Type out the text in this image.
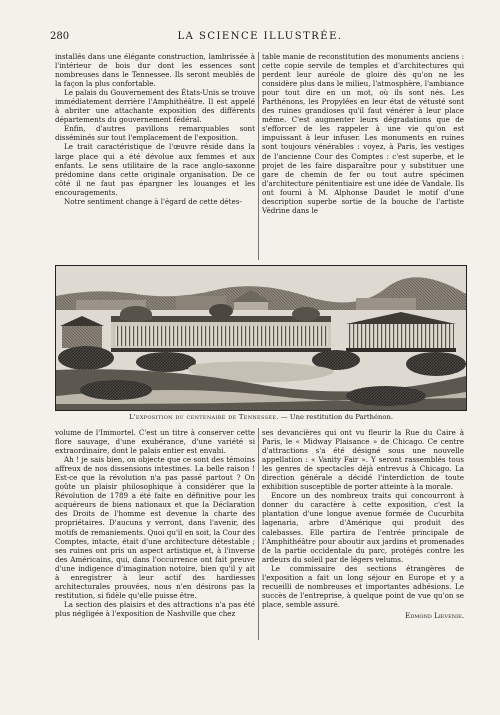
280	LA SCIENCE ILLUSTRÉE.

installés dans une élégante construction, lambrissée à l'intérieur de bois dur dont les essences sont nombreuses dans le Tennessee. Ils seront meublés de la façon la plus confortable.

Le palais du Gouvernement des États-Unis se trouve immédiatement derrière l'Amphithéâtre. Il est appelé à abriter une attachante exposition des différents départements du gouvernement fédéral.

Enfin, d'autres pavillons remarquables sont disséminés sur tout l'emplacement de l'exposition.

Le trait caractéristique de l'œuvre réside dans la large place qui a été dévolue aux femmes et aux enfants. Le sens utilitaire de la race anglo-saxonne prédomine dans cette originale organisation. De ce côté il ne faut pas épargner les louanges et les encouragements.

Notre sentiment change à l'égard de cette détes-

table manie de reconstitution des monuments anciens : cette copie servile de temples et d'architectures qui perdent leur auréole de gloire dès qu'on ne les considère plus dans le milieu, l'atmosphère, l'ambiance pour tout dire en un mot, où ils sont nés. Les Parthénons, les Propylées en leur état de vétusté sont des ruines grandioses qu'il faut vénérer à leur place même. C'est augmenter leurs dégradations que de s'efforcer de les rappeler à une vie qu'on est impuissant à leur infuser. Les monuments en ruines sont toujours vénérables : voyez, à Paris, les vestiges de l'ancienne Cour des Comptes : c'est superbe, et le projet de les faire disparaître pour y substituer une gare de chemin de fer ou tout autre spécimen d'architecture pénitentiaire est une idée de Vandale. Ils ont fourni à M. Alphonse Daudet le motif d'une description superbe sortie de la bouche de l'artiste Védrine dans le

L'exposition du centenaire de Tennessee. — Une restitution du Parthénon.

volume de l'Immortel. C'est un titre à conserver cette flore sauvage, d'une exubérance, d'une variété si extraordinaire, dont le palais entier est envahi.

Ah ! je sais bien, on objecte que ce sont des témoins affreux de nos dissensions intestines. La belle raison ! Est-ce que la révolution n'a pas passé partout ? On goûte un plaisir philosophique à considérer que la Révolution de 1789 a été faite en définitive pour les acquéreurs de biens nationaux et que la Déclaration des Droits de l'homme est devenue la charte des propriétaires. D'aucuns y verront, dans l'avenir, des motifs de remaniements. Quoi qu'il en soit, la Cour des Comptes, intacte, était d'une architecture détestable ; ses ruines ont pris un aspect artistique et, à l'inverse des Américains, qui, dans l'occurrence ont fait preuve d'une indigence d'imagination notoire, bien qu'il y ait à enregistrer à leur actif des hardiesses architecturales prouvées, nous n'en désirons pas la restitution, si fidèle qu'elle puisse être.

La section des plaisirs et des attractions n'a pas été plus négligée à l'exposition de Nashville que chez

ses devancières qui ont vu fleurir la Rue du Caire à Paris, le « Midway Plaisance » de Chicago. Ce centre d'attractions s'a été désigné sous une nouvelle appellation : « Vanity Fair ». Y seront rassemblés tous les genres de spectacles déjà entrevus à Chicago. La direction générale a décidé l'interdiction de toute exhibition susceptible de porter atteinte à la morale.

Encore un des nombreux traits qui concourront à donner du caractère à cette exposition, c'est la plantation d'une longue avenue formée de Cucurbita lagenaria, arbre d'Amérique qui produit des calebasses. Elle partira de l'entrée principale de l'Amphithéâtre pour aboutir aux jardins et promenades de la partie occidentale du parc, protégés contre les ardeurs du soleil par de légers velums.

Le commissaire des sections étrangères de l'exposition a fait un long séjour en Europe et y a recueilli de nombreuses et importantes adhésions. Le succès de l'entreprise, à quelque point de vue qu'on se place, semble assuré.

Edmond Lievenie.
